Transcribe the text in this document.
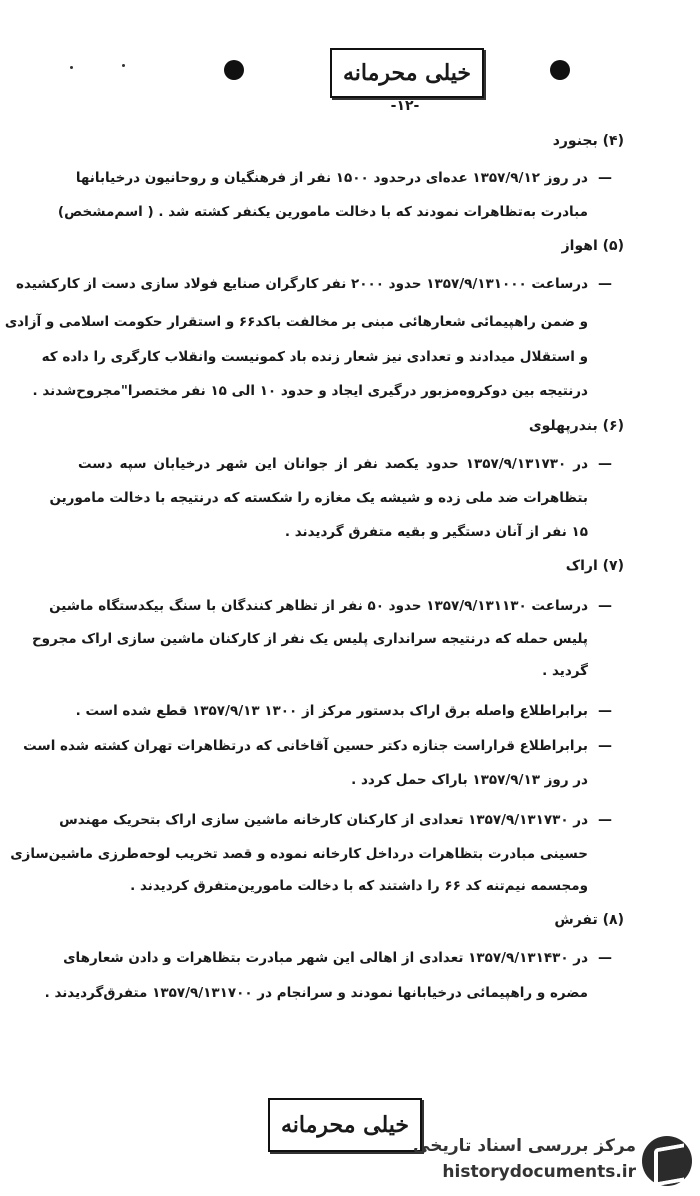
خیلی محرمانه
-۱۲-
(۴) بجنورد
—
در روز ۱۳۵۷/۹/۱۲ عده‌ای درحدود ۱۵۰۰ نفر از فرهنگیان و روحانیون درخیابانها
مبادرت به‌تظاهرات نمودند که با دخالت مامورین یکنفر کشته شد . ( اسم‌مشخص)
(۵) اهواز
—
درساعت ۱۳۵۷/۹/۱۳۱۰۰۰ حدود ۲۰۰۰ نفر کارگران صنایع فولاد سازی دست از کارکشیده
و ضمن راهپیمائی شعارهائی مبنی بر مخالفت باکد۶۶ و استقرار حکومت اسلامی و آزادی
و استقلال میدادند و تعدادی نیز شعار زنده باد کمونیست وانقلاب کارگری را داده که
درنتیجه بین دوکروه‌مزبور درگیری ایجاد و حدود ۱۰ الی ۱۵ نفر مختصرا"مجروح‌شدند .
(۶) بندرپهلوی
—
در ۱۳۵۷/۹/۱۳۱۷۳۰ حدود یکصد نفر از جوانان این شهر درخیابان سپه دست
بتظاهرات ضد ملی زده و شیشه یک مغازه را شکسته که درنتیجه با دخالت مامورین
۱۵ نفر از آنان دستگیر و بقیه متفرق گردیدند .
(۷) اراک
—
درساعت ۱۳۵۷/۹/۱۳۱۱۳۰ حدود ۵۰ نفر از تظاهر کنندگان با سنگ بیکدستگاه ماشین
پلیس حمله که درنتیجه سرانداری پلیس یک نفر از کارکنان ماشین سازی اراک مجروح
گردید .
—
برابراطلاع واصله برق اراک بدستور مرکز از ۱۳۰۰ ۱۳۵۷/۹/۱۳ قطع شده است .
—
برابراطلاع قراراست جنازه دکتر حسین آقاخانی که درتظاهرات تهران کشته شده است
در روز ۱۳۵۷/۹/۱۳ باراک حمل کردد .
—
در ۱۳۵۷/۹/۱۳۱۷۳۰ تعدادی از کارکنان کارخانه ماشین سازی اراک بتحریک مهندس
حسینی مبادرت بتظاهرات درداخل کارخانه نموده و قصد تخریب لوحه‌طرزی ماشین‌سازی
ومجسمه نیم‌تنه کد ۶۶ را داشتند که با دخالت مامورین‌متفرق کردیدند .
(۸) تفرش
—
در ۱۳۵۷/۹/۱۳۱۴۳۰ تعدادی از اهالی این شهر مبادرت بتظاهرات و دادن شعارهای
مضره و راهپیمائی درخیابانها نمودند و سرانجام در ۱۳۵۷/۹/۱۳۱۷۰۰ متفرق‌گردیدند .
خیلی محرمانه
مرکز بررسی اسناد تاریخی
historydocuments.ir
